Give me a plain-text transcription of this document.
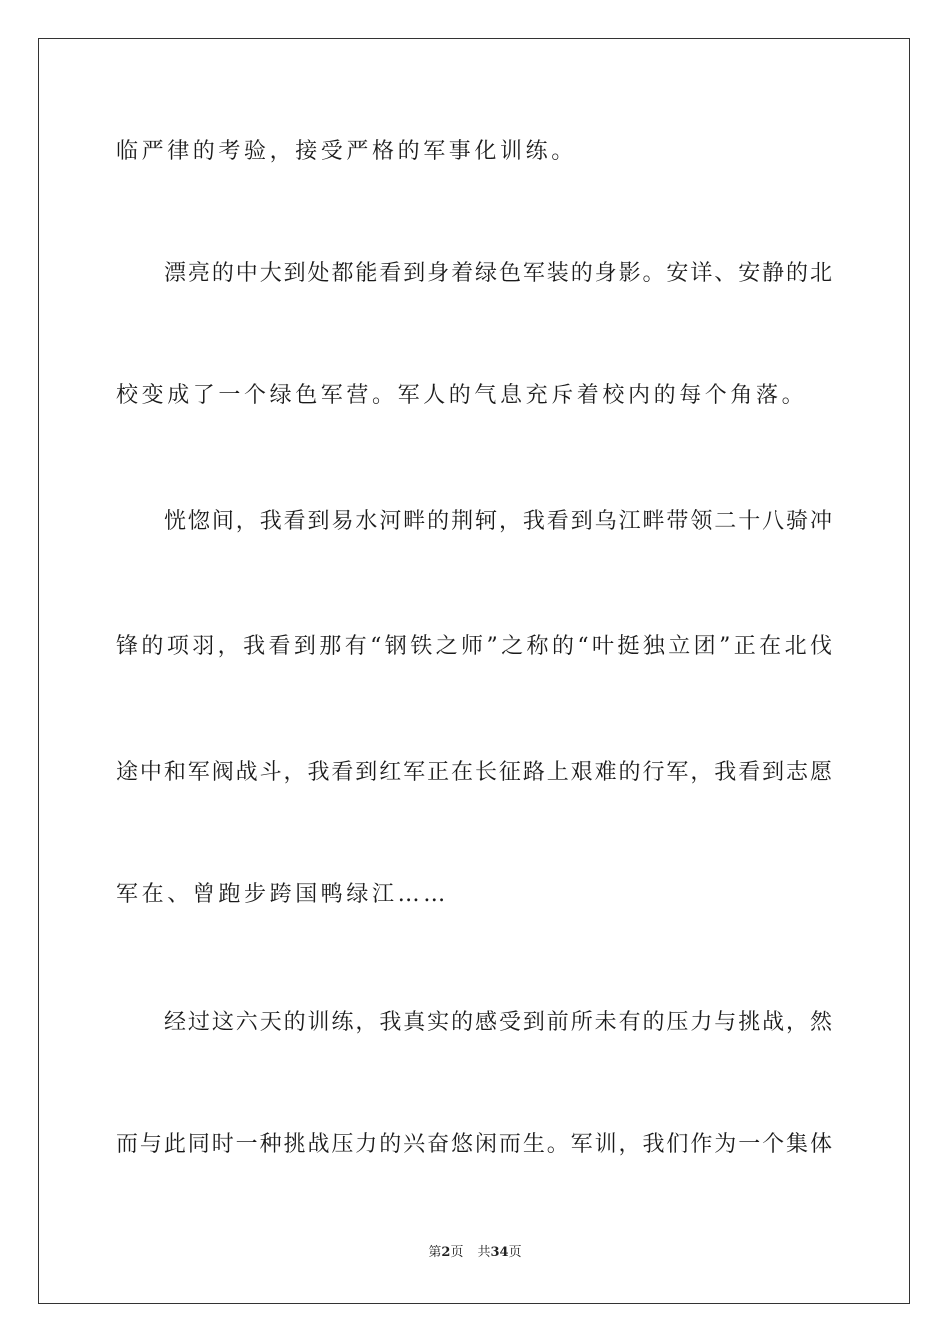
临严律的考验，接受严格的军事化训练。
漂亮的中大到处都能看到身着绿色军装的身影。安详、安静的北
校变成了一个绿色军营。军人的气息充斥着校内的每个角落。
恍惚间，我看到易水河畔的荆轲，我看到乌江畔带领二十八骑冲
锋的项羽，我看到那有“钢铁之师”之称的“叶挺独立团”正在北伐
途中和军阀战斗，我看到红军正在长征路上艰难的行军，我看到志愿
军在、曾跑步跨国鸭绿江……
经过这六天的训练，我真实的感受到前所未有的压力与挑战，然
而与此同时一种挑战压力的兴奋悠闲而生。军训，我们作为一个集体
第2页 共34页
